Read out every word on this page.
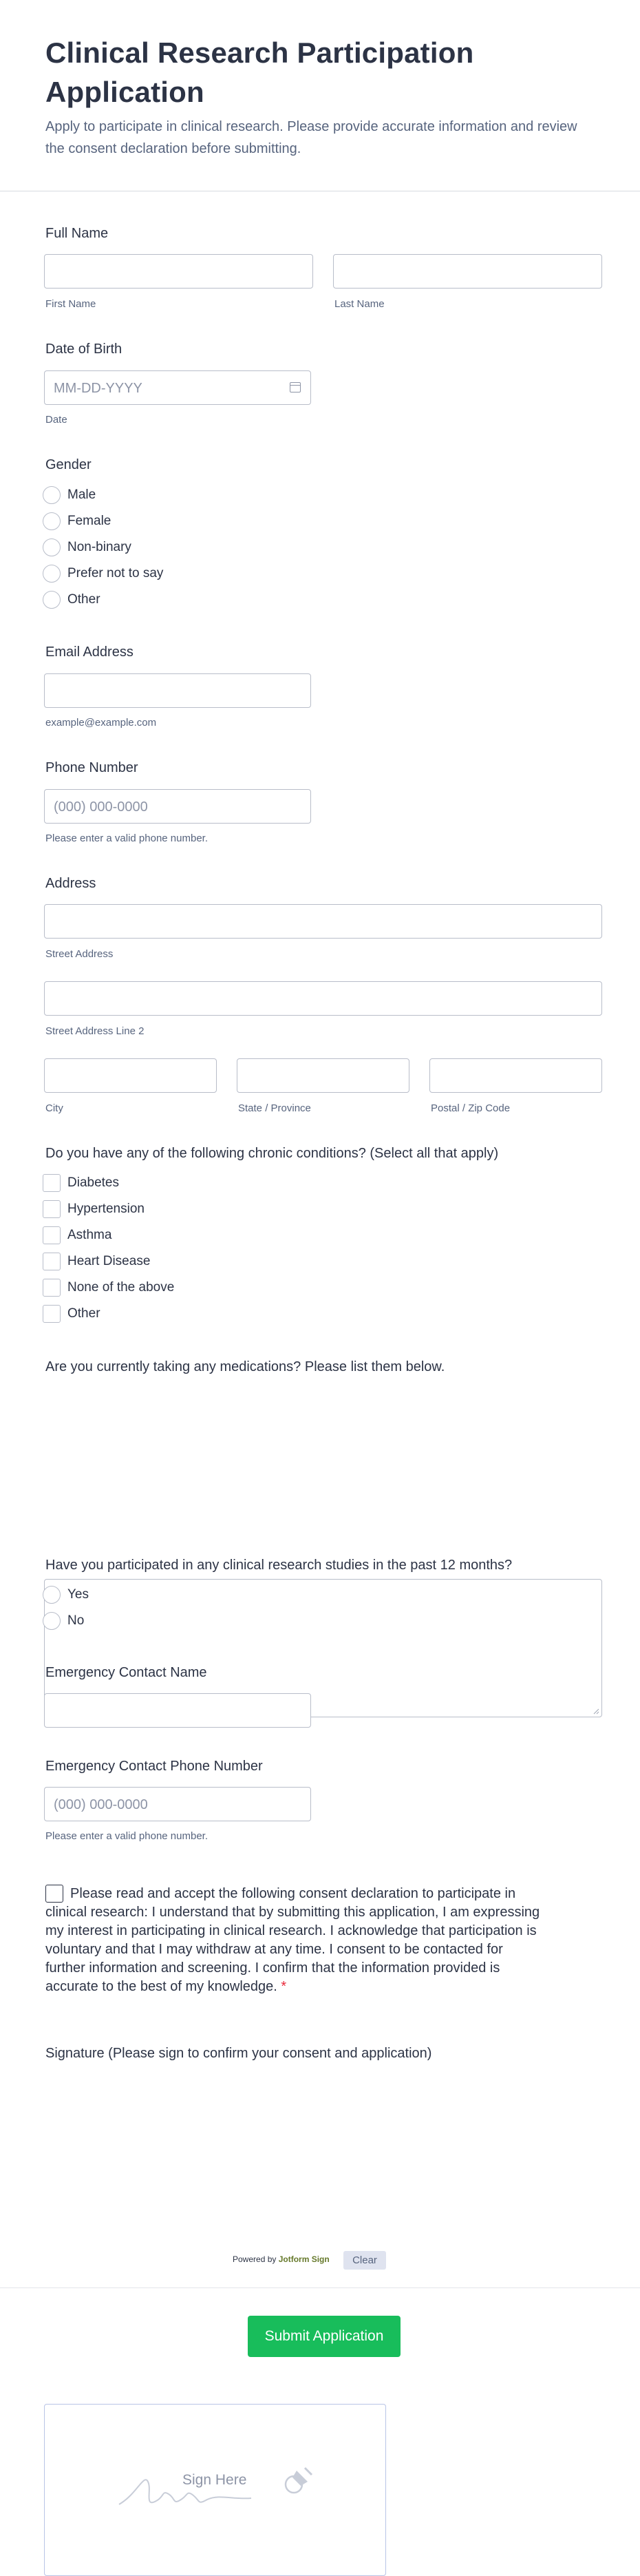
Clinical Research Participation Application

Apply to participate in clinical research. Please provide accurate information and review the consent declaration before submitting.

Full Name
First Name	Last Name
Date of Birth
MM-DD-YYYY
Date
Gender
Male
Female
Non-binary
Prefer not to say
Other
Email Address
example@example.com
Phone Number
(000) 000-0000
Please enter a valid phone number.
Address
Street Address
Street Address Line 2
City	State / Province	Postal / Zip Code
Do you have any of the following chronic conditions? (Select all that apply)
Diabetes
Hypertension
Asthma
Heart Disease
None of the above
Other
Are you currently taking any medications? Please list them below.
Have you participated in any clinical research studies in the past 12 months?
Yes
No
Emergency Contact Name
Emergency Contact Phone Number
(000) 000-0000
Please enter a valid phone number.
Please read and accept the following consent declaration to participate in clinical research: I understand that by submitting this application, I am expressing my interest in participating in clinical research. I acknowledge that participation is voluntary and that I may withdraw at any time. I consent to be contacted for further information and screening. I confirm that the information provided is accurate to the best of my knowledge. *
Signature (Please sign to confirm your consent and application)
Sign Here
Powered by Jotform Sign	Clear
Submit Application
